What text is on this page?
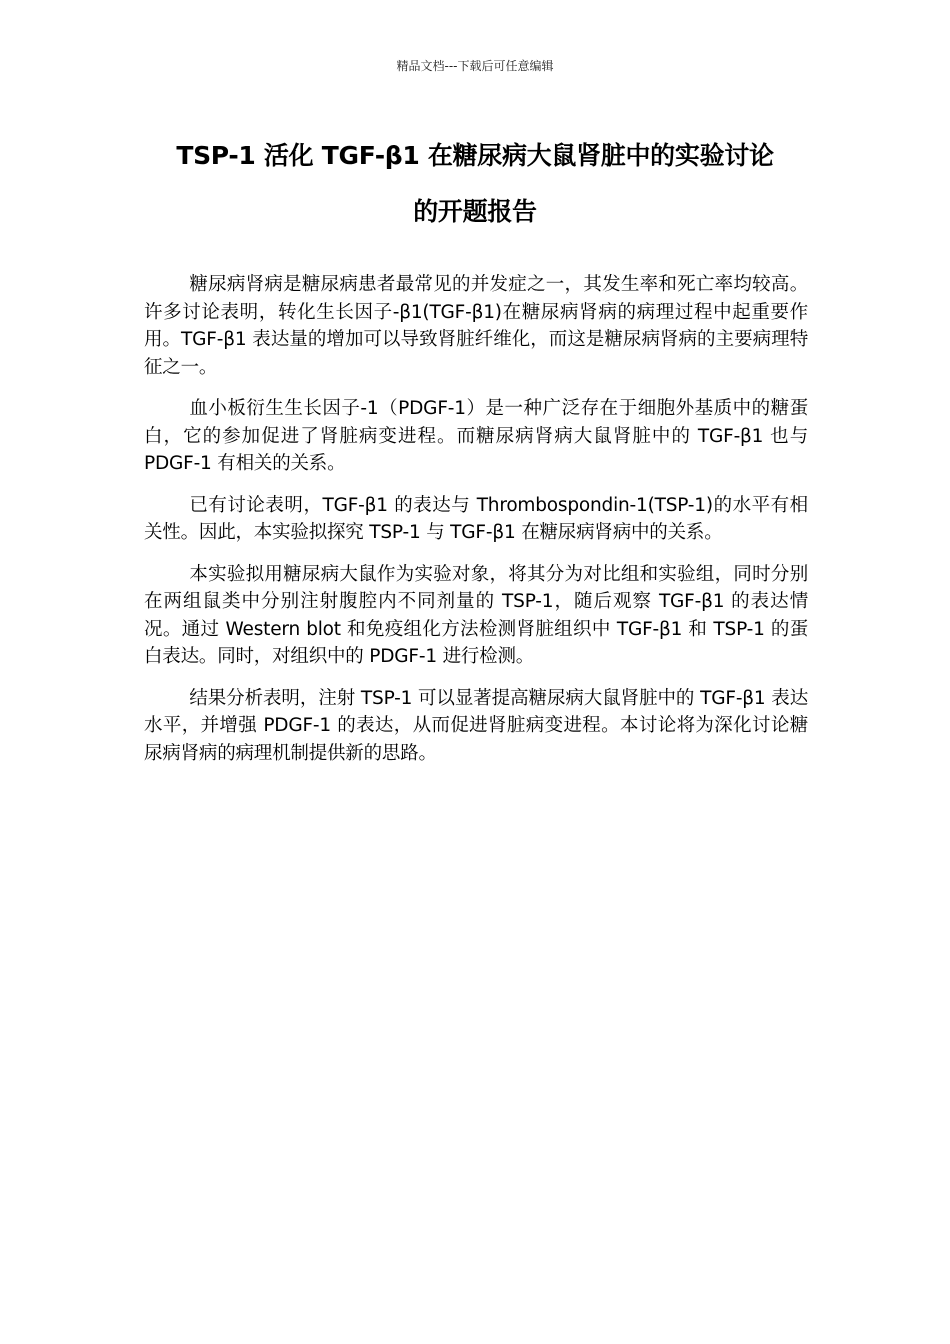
精品文档---下载后可任意编辑
TSP-1 活化 TGF-β1 在糖尿病大鼠肾脏中的实验讨论
的开题报告

糖尿病肾病是糖尿病患者最常见的并发症之一，其发生率和死亡率均较高。许多讨论表明，转化生长因子-β1(TGF-β1)在糖尿病肾病的病理过程中起重要作用。TGF-β1 表达量的增加可以导致肾脏纤维化，而这是糖尿病肾病的主要病理特征之一。

血小板衍生生长因子-1（PDGF-1）是一种广泛存在于细胞外基质中的糖蛋白，它的参加促进了肾脏病变进程。而糖尿病肾病大鼠肾脏中的 TGF-β1 也与 PDGF-1 有相关的关系。

已有讨论表明，TGF-β1 的表达与 Thrombospondin-1(TSP-1)的水平有相关性。因此，本实验拟探究 TSP-1 与 TGF-β1 在糖尿病肾病中的关系。

本实验拟用糖尿病大鼠作为实验对象，将其分为对比组和实验组，同时分别在两组鼠类中分别注射腹腔内不同剂量的 TSP-1，随后观察 TGF-β1 的表达情况。通过 Western blot 和免疫组化方法检测肾脏组织中 TGF-β1 和 TSP-1 的蛋白表达。同时，对组织中的 PDGF-1 进行检测。

结果分析表明，注射 TSP-1 可以显著提高糖尿病大鼠肾脏中的 TGF-β1 表达水平，并增强 PDGF-1 的表达，从而促进肾脏病变进程。本讨论将为深化讨论糖尿病肾病的病理机制提供新的思路。
